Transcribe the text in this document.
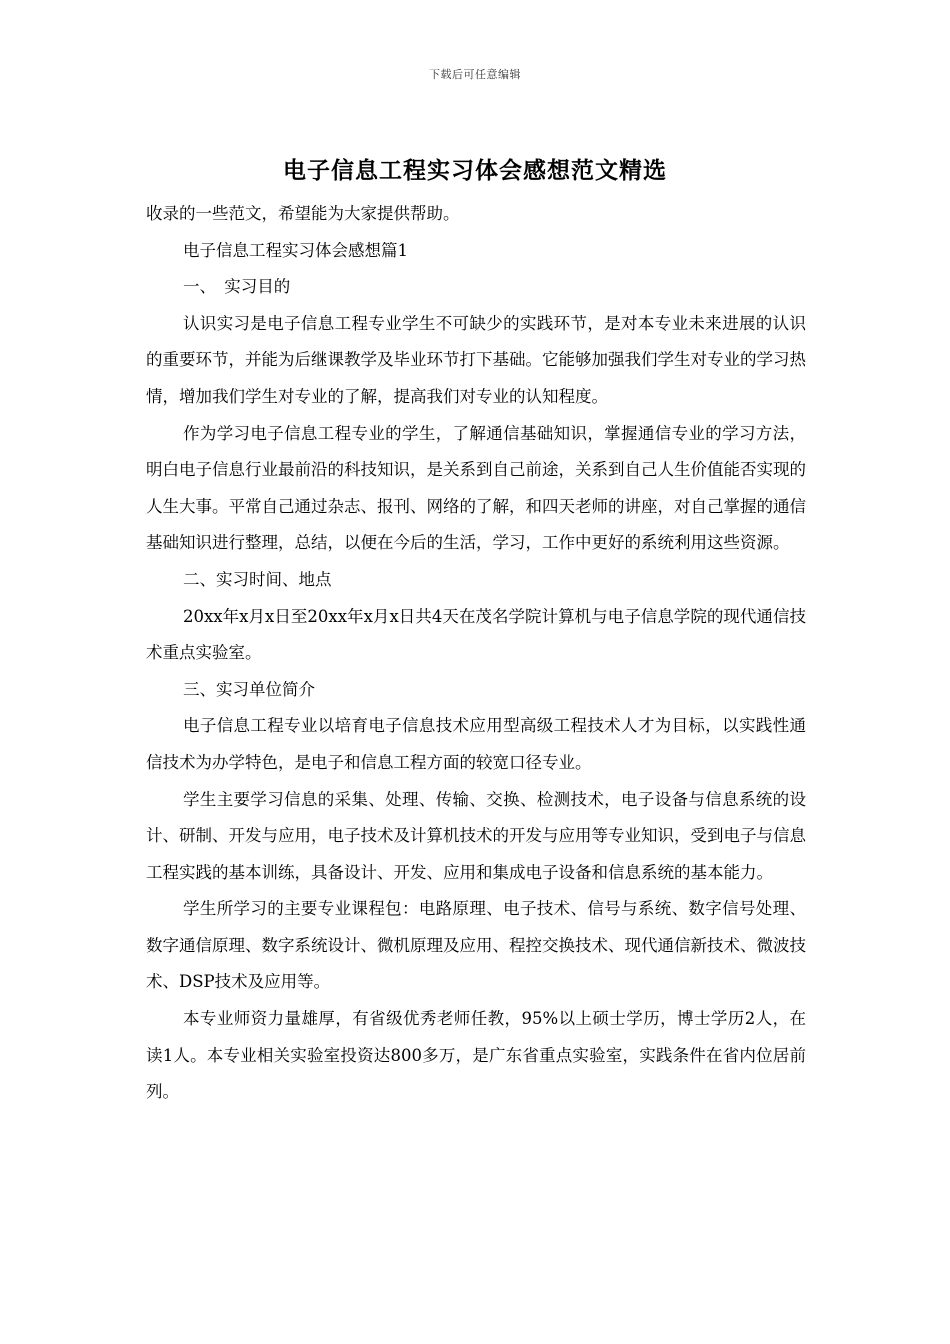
下载后可任意编辑
电子信息工程实习体会感想范文精选

收录的一些范文，希望能为大家提供帮助。

电子信息工程实习体会感想篇1

一、　实习目的

认识实习是电子信息工程专业学生不可缺少的实践环节，是对本专业未来进展的认识的重要环节，并能为后继课教学及毕业环节打下基础。它能够加强我们学生对专业的学习热情，增加我们学生对专业的了解，提高我们对专业的认知程度。

作为学习电子信息工程专业的学生，了解通信基础知识，掌握通信专业的学习方法，明白电子信息行业最前沿的科技知识，是关系到自己前途，关系到自己人生价值能否实现的人生大事。平常自己通过杂志、报刊、网络的了解，和四天老师的讲座，对自己掌握的通信基础知识进行整理，总结，以便在今后的生活，学习，工作中更好的系统利用这些资源。

二、实习时间、地点

20xx年x月x日至20xx年x月x日共4天在茂名学院计算机与电子信息学院的现代通信技术重点实验室。

三、实习单位简介

电子信息工程专业以培育电子信息技术应用型高级工程技术人才为目标，以实践性通信技术为办学特色，是电子和信息工程方面的较宽口径专业。

学生主要学习信息的采集、处理、传输、交换、检测技术，电子设备与信息系统的设计、研制、开发与应用，电子技术及计算机技术的开发与应用等专业知识，受到电子与信息工程实践的基本训练，具备设计、开发、应用和集成电子设备和信息系统的基本能力。

学生所学习的主要专业课程包：电路原理、电子技术、信号与系统、数字信号处理、数字通信原理、数字系统设计、微机原理及应用、程控交换技术、现代通信新技术、微波技术、DSP技术及应用等。

本专业师资力量雄厚，有省级优秀老师任教，95%以上硕士学历，博士学历2人，在读1人。本专业相关实验室投资达800多万，是广东省重点实验室，实践条件在省内位居前列。
